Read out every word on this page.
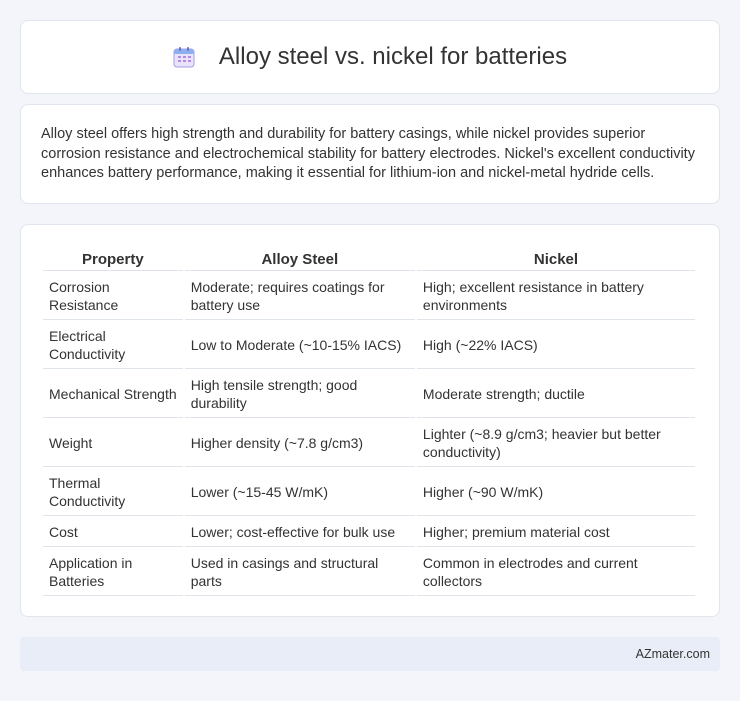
Alloy steel vs. nickel for batteries

Alloy steel offers high strength and durability for battery casings, while nickel provides superior corrosion resistance and electrochemical stability for battery electrodes. Nickel's excellent conductivity enhances battery performance, making it essential for lithium-ion and nickel-metal hydride cells.

Property	Alloy Steel	Nickel
Corrosion Resistance	Moderate; requires coatings for battery use	High; excellent resistance in battery environments
Electrical Conductivity	Low to Moderate (~10-15% IACS)	High (~22% IACS)
Mechanical Strength	High tensile strength; good durability	Moderate strength; ductile
Weight	Higher density (~7.8 g/cm3)	Lighter (~8.9 g/cm3; heavier but better conductivity)
Thermal Conductivity	Lower (~15-45 W/mK)	Higher (~90 W/mK)
Cost	Lower; cost-effective for bulk use	Higher; premium material cost
Application in Batteries	Used in casings and structural parts	Common in electrodes and current collectors
AZmater.com
